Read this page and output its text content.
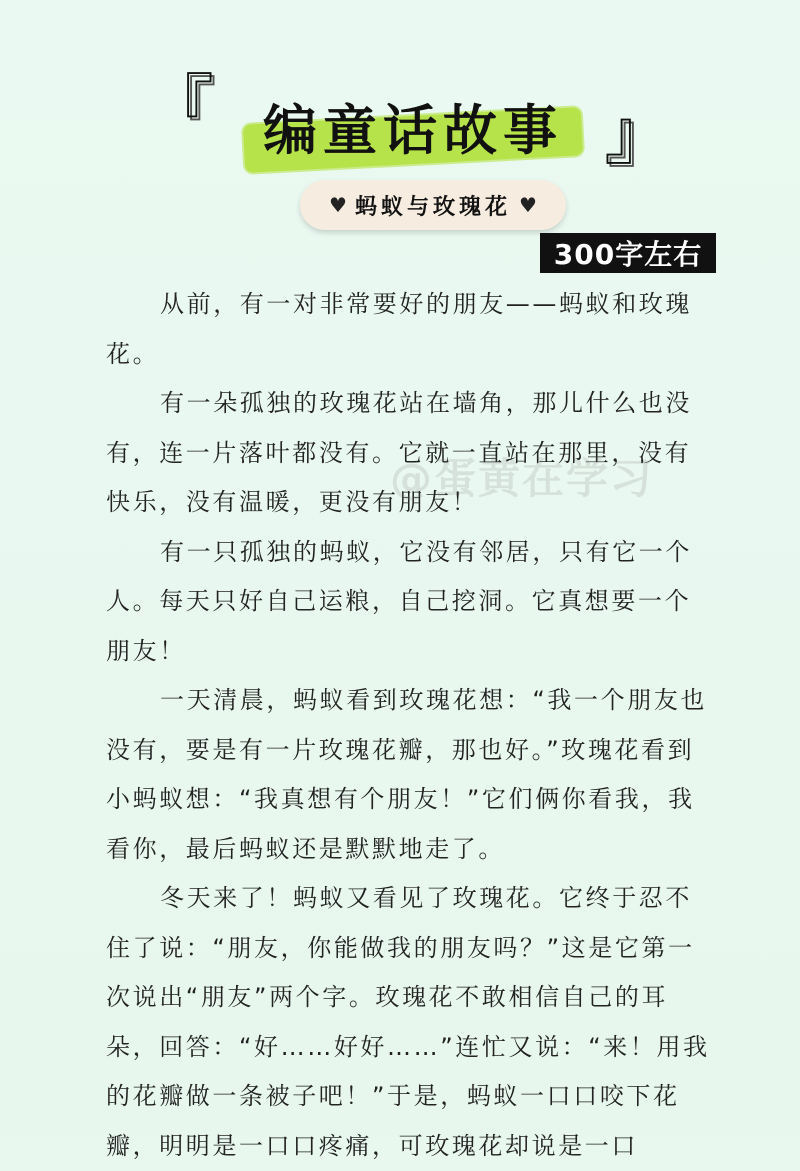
『 编童话故事 』
♥ 蚂蚁与玫瑰花 ♥
300字左右

从前，有一对非常要好的朋友——蚂蚁和玫瑰花。

有一朵孤独的玫瑰花站在墙角，那儿什么也没有，连一片落叶都没有。它就一直站在那里，没有快乐，没有温暖，更没有朋友！

有一只孤独的蚂蚁，它没有邻居，只有它一个人。每天只好自己运粮，自己挖洞。它真想要一个朋友！

一天清晨，蚂蚁看到玫瑰花想：“我一个朋友也没有，要是有一片玫瑰花瓣，那也好。”玫瑰花看到小蚂蚁想：“我真想有个朋友！”它们俩你看我，我看你，最后蚂蚁还是默默地走了。

冬天来了！蚂蚁又看见了玫瑰花。它终于忍不住了说：“朋友，你能做我的朋友吗？”这是它第一次说出“朋友”两个字。玫瑰花不敢相信自己的耳朵，回答：“好……好好……”连忙又说：“来！用我的花瓣做一条被子吧！”于是，蚂蚁一口口咬下花瓣，明明是一口口疼痛，可玫瑰花却说是一口

@蛋黄在学习
